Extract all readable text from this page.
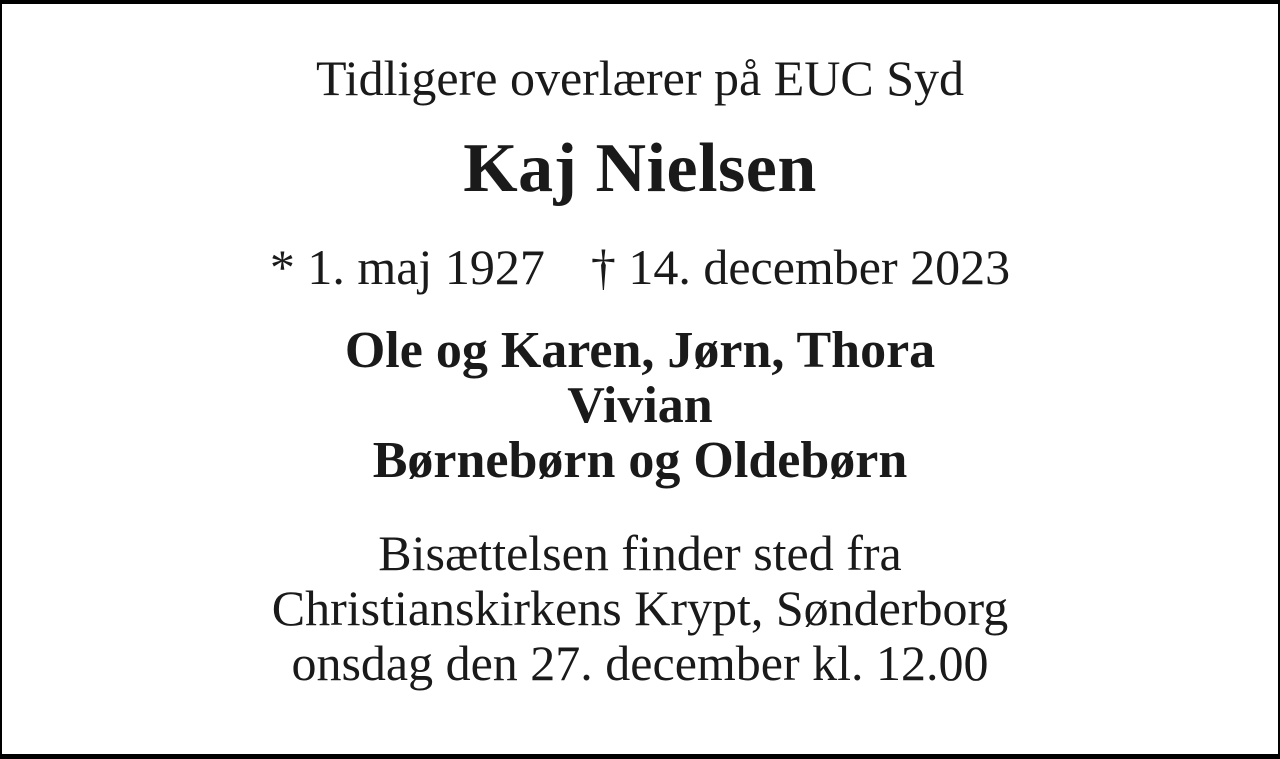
Tidligere overlærer på EUC Syd
Kaj Nielsen
* 1. maj 1927 † 14. december 2023
Ole og Karen, Jørn, Thora
Vivian
Børnebørn og Oldebørn
Bisættelsen finder sted fra
Christianskirkens Krypt, Sønderborg
onsdag den 27. december kl. 12.00
